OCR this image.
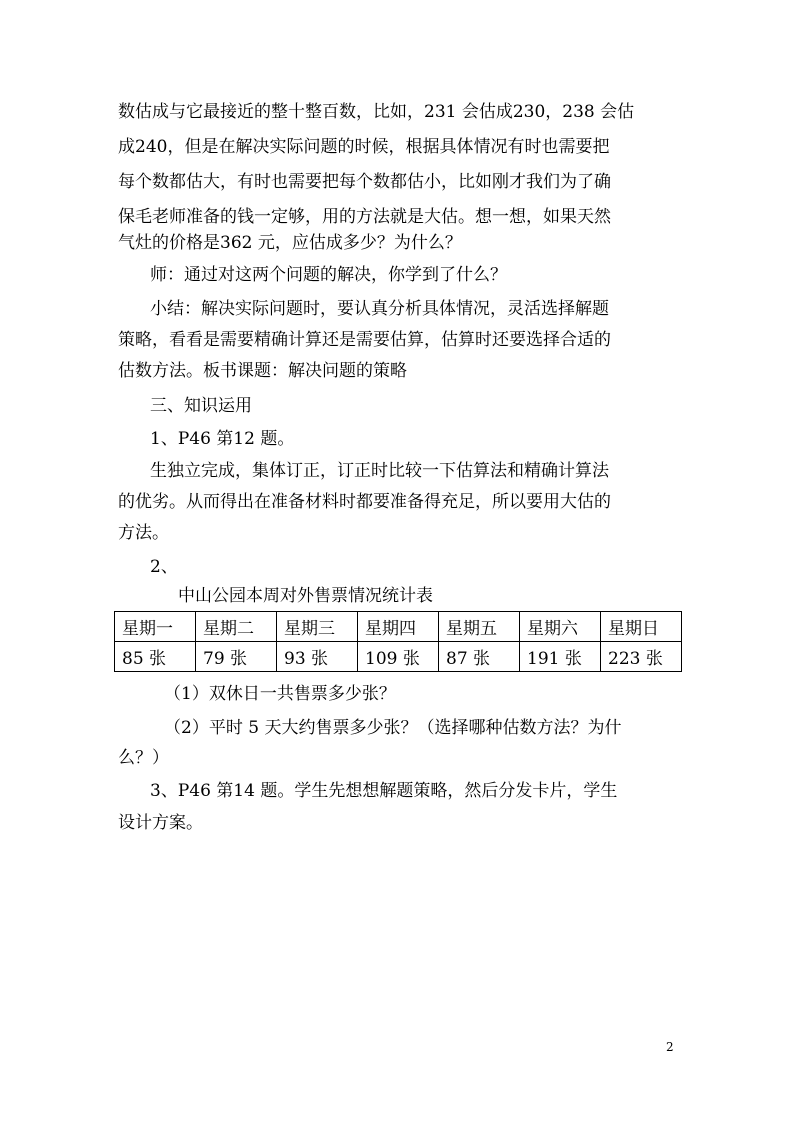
数估成与它最接近的整十整百数，比如，231 会估成230，238 会估
成240，但是在解决实际问题的时候，根据具体情况有时也需要把
每个数都估大，有时也需要把每个数都估小，比如刚才我们为了确
保毛老师准备的钱一定够，用的方法就是大估。想一想，如果天然
气灶的价格是362 元，应估成多少？为什么？
师：通过对这两个问题的解决，你学到了什么？
小结：解决实际问题时，要认真分析具体情况，灵活选择解题
策略，看看是需要精确计算还是需要估算，估算时还要选择合适的
估数方法。板书课题：解决问题的策略
三、知识运用
1、P46 第12 题。
生独立完成，集体订正，订正时比较一下估算法和精确计算法
的优劣。从而得出在准备材料时都要准备得充足，所以要用大估的
方法。
2、
中山公园本周对外售票情况统计表
星期一	星期二	星期三	星期四	星期五	星期六	星期日
85 张	79 张	93 张	109 张	87 张	191 张	223 张
（1）双休日一共售票多少张？
（2）平时 5 天大约售票多少张？（选择哪种估数方法？为什
么？）
3、P46 第14 题。学生先想想解题策略，然后分发卡片，学生
设计方案。
2
